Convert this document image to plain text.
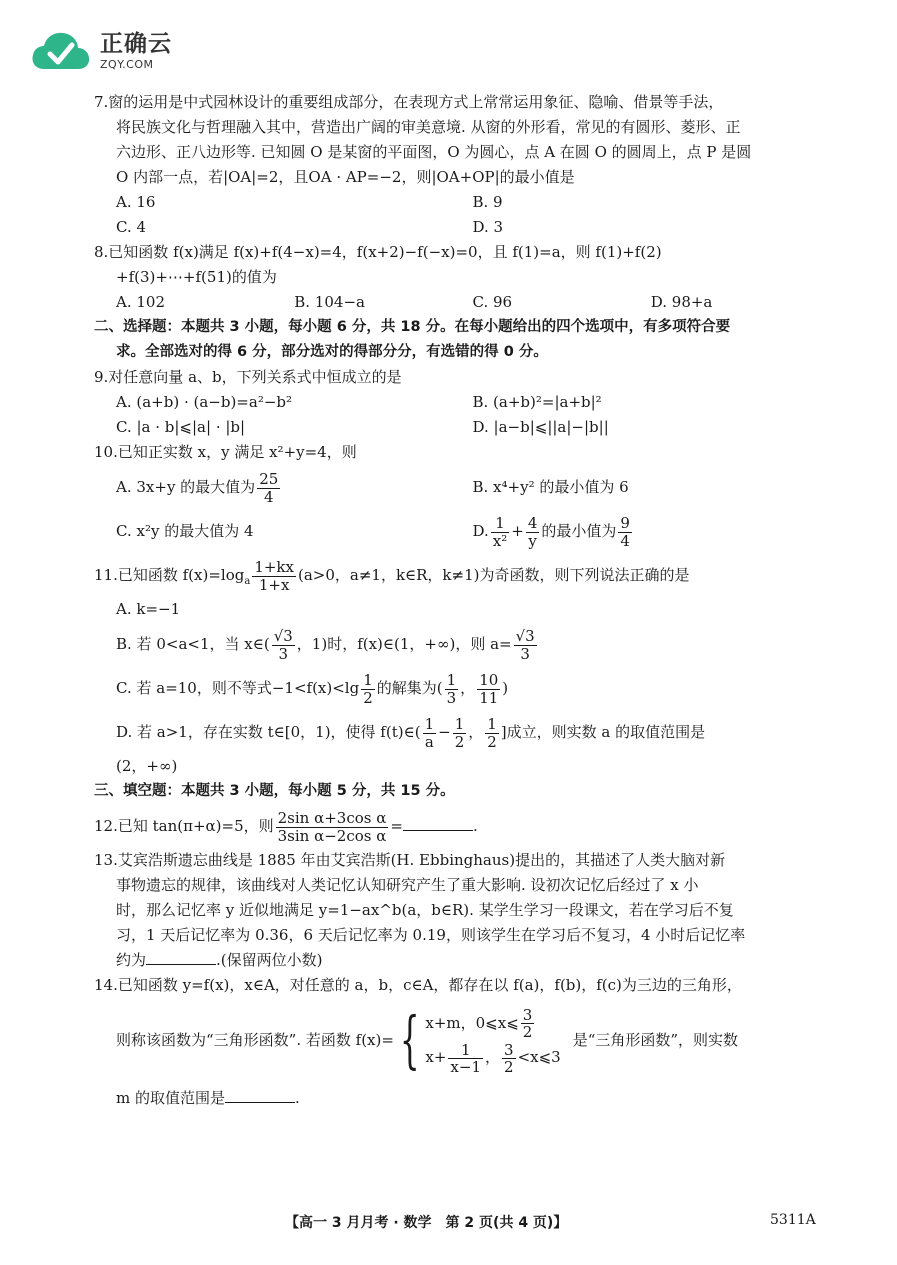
正确云
ZQY.COM
7.窗的运用是中式园林设计的重要组成部分，在表现方式上常常运用象征、隐喻、借景等手法，
将民族文化与哲理融入其中，营造出广阔的审美意境. 从窗的外形看，常见的有圆形、菱形、正
六边形、正八边形等. 已知圆 O 是某窗的平面图，O 为圆心，点 A 在圆 O 的圆周上，点 P 是圆
O 内部一点，若|OA|=2，且OA · AP=−2，则|OA+OP|的最小值是
A. 16	B. 9
C. 4	D. 3
8.已知函数 f(x)满足 f(x)+f(4−x)=4，f(x+2)−f(−x)=0，且 f(1)=a，则 f(1)+f(2)
+f(3)+⋯+f(51)的值为
A. 102	B. 104−a	C. 96	D. 98+a
二、选择题：本题共 3 小题，每小题 6 分，共 18 分。在每小题给出的四个选项中，有多项符合要
求。全部选对的得 6 分，部分选对的得部分分，有选错的得 0 分。
9.对任意向量 a、b，下列关系式中恒成立的是
A. (a+b) · (a−b)=a²−b²	B. (a+b)²=|a+b|²
C. |a · b|⩽|a| · |b|	D. |a−b|⩽||a|−|b||
10.已知正实数 x，y 满足 x²+y=4，则
A. 3x+y 的最大值为 $\frac{25}{4}$	B. x⁴+y² 的最小值为 6
C. x²y 的最大值为 4	D. $\frac{1}{\text{x²}} + \frac{4}{y}$ 的最小值为 $\frac{9}{4}$
11.已知函数 $f(x)=\log_a \frac{1+kx}{1+x} (a>0$，a≠1，k∈R，k≠1)为奇函数，则下列说法正确的是
A. k=−1
B. 若 0<a<1，当 x∈( $\frac{√3}{3}$ ，1)时，f(x)∈(1，+∞)，则 $a= \frac{√3}{3}$
C. 若 a=10，则不等式$-1<f(x)<\lg \frac{1}{2}$ 的解集为( $\frac{1}{3}$ ， $\frac{10}{11}$ )
D. 若 a>1，存在实数 t∈[0，1)，使得 f(t)∈( $\frac{1}{a} - \frac{1}{2}$ ， $\frac{1}{2}$ ]成立，则实数 a 的取值范围是
(2，+∞)
三、填空题：本题共 3 小题，每小题 5 分，共 15 分。
12.已知 tan(π+α)=5，则 $\frac{\text{2sin α+3cos α}}{\text{3sin α−2cos α}}$ =	.
13.艾宾浩斯遗忘曲线是 1885 年由艾宾浩斯(H. Ebbinghaus)提出的，其描述了人类大脑对新
事物遗忘的规律，该曲线对人类记忆认知研究产生了重大影响. 设初次记忆后经过了 x 小
时，那么记忆率 y 近似地满足 y=1−ax^b(a，b∈R). 某学生学习一段课文，若在学习后不复
习，1 天后记忆率为 0.36，6 天后记忆率为 0.19，则该学生在学习后不复习，4 小时后记忆率
约为	.(保留两位小数)
14.已知函数 y=f(x)，x∈A，对任意的 a，b，c∈A，都存在以 f(a)，f(b)，f(c)为三边的三角形，
则称该函数为“三角形函数”. 若函数 f(x)= { x+m，0⩽x⩽ $\frac{3}{2}$
$x+ \frac{1}{x-1}$ ， $\frac{3}{2}$ <x⩽3
是“三角形函数”，则实数
m 的取值范围是	.
【高一 3 月月考 · 数学　第 2 页(共 4 页)】	5311A
